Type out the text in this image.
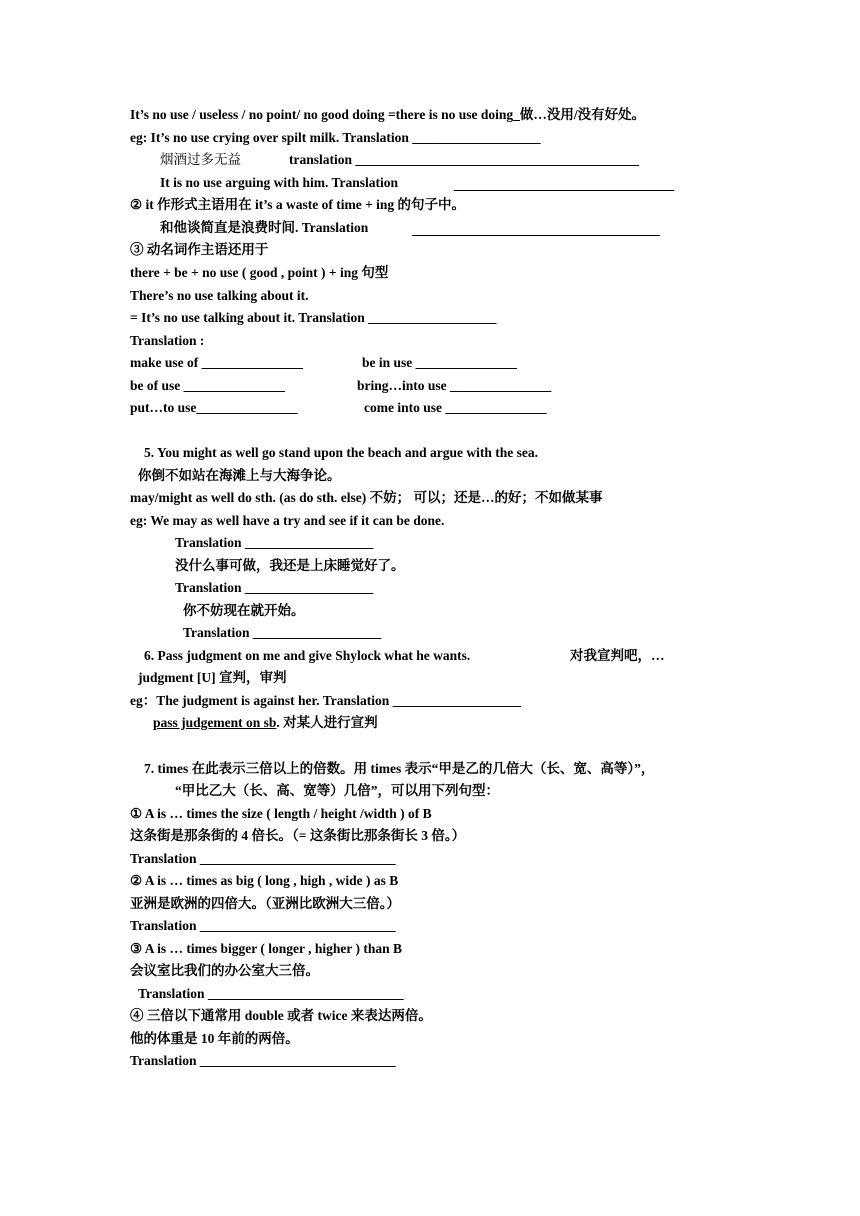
It’s no use / useless / no point/ no good doing =there is no use doing_做…没用/没有好处。
eg: It’s no use crying over spilt milk. Translation ___________________
烟酒过多无益	translation __________________________________________
It is no use arguing with him. Translation
② it 作形式主语用在 it’s a waste of time + ing 的句子中。
和他谈简直是浪费时间. Translation
③ 动名词作主语还用于
there + be + no use ( good , point ) + ing 句型
There’s no use talking about it.
= It’s no use talking about it. Translation ___________________
Translation :
make use of _______________	be in use _______________
be of use _______________	bring…into use _______________
put…to use_______________	come into use _______________
5. You might as well go stand upon the beach and argue with the sea.
你倒不如站在海滩上与大海争论。
may/might as well do sth. (as do sth. else) 不妨； 可以；还是…的好；不如做某事
eg: We may as well have a try and see if it can be done.
Translation ___________________
没什么事可做，我还是上床睡觉好了。
Translation ___________________
你不妨现在就开始。
Translation ___________________
6. Pass judgment on me and give Shylock what he wants.	对我宣判吧，…
judgment [U] 宣判，审判
eg：The judgment is against her. Translation ___________________
pass judgement on sb. 对某人进行宣判
7. times 在此表示三倍以上的倍数。用 times 表示“甲是乙的几倍大（长、宽、高等）”，
“甲比乙大（长、高、宽等）几倍”，可以用下列句型：
① A is … times the size ( length / height /width ) of B
这条街是那条街的 4 倍长。（= 这条街比那条街长 3 倍。）
Translation _____________________________
② A is … times as big ( long , high , wide ) as B
亚洲是欧洲的四倍大。（亚洲比欧洲大三倍。）
Translation _____________________________
③ A is … times bigger ( longer , higher ) than B
会议室比我们的办公室大三倍。
Translation _____________________________
④ 三倍以下通常用 double 或者 twice 来表达两倍。
他的体重是 10 年前的两倍。
Translation _____________________________
